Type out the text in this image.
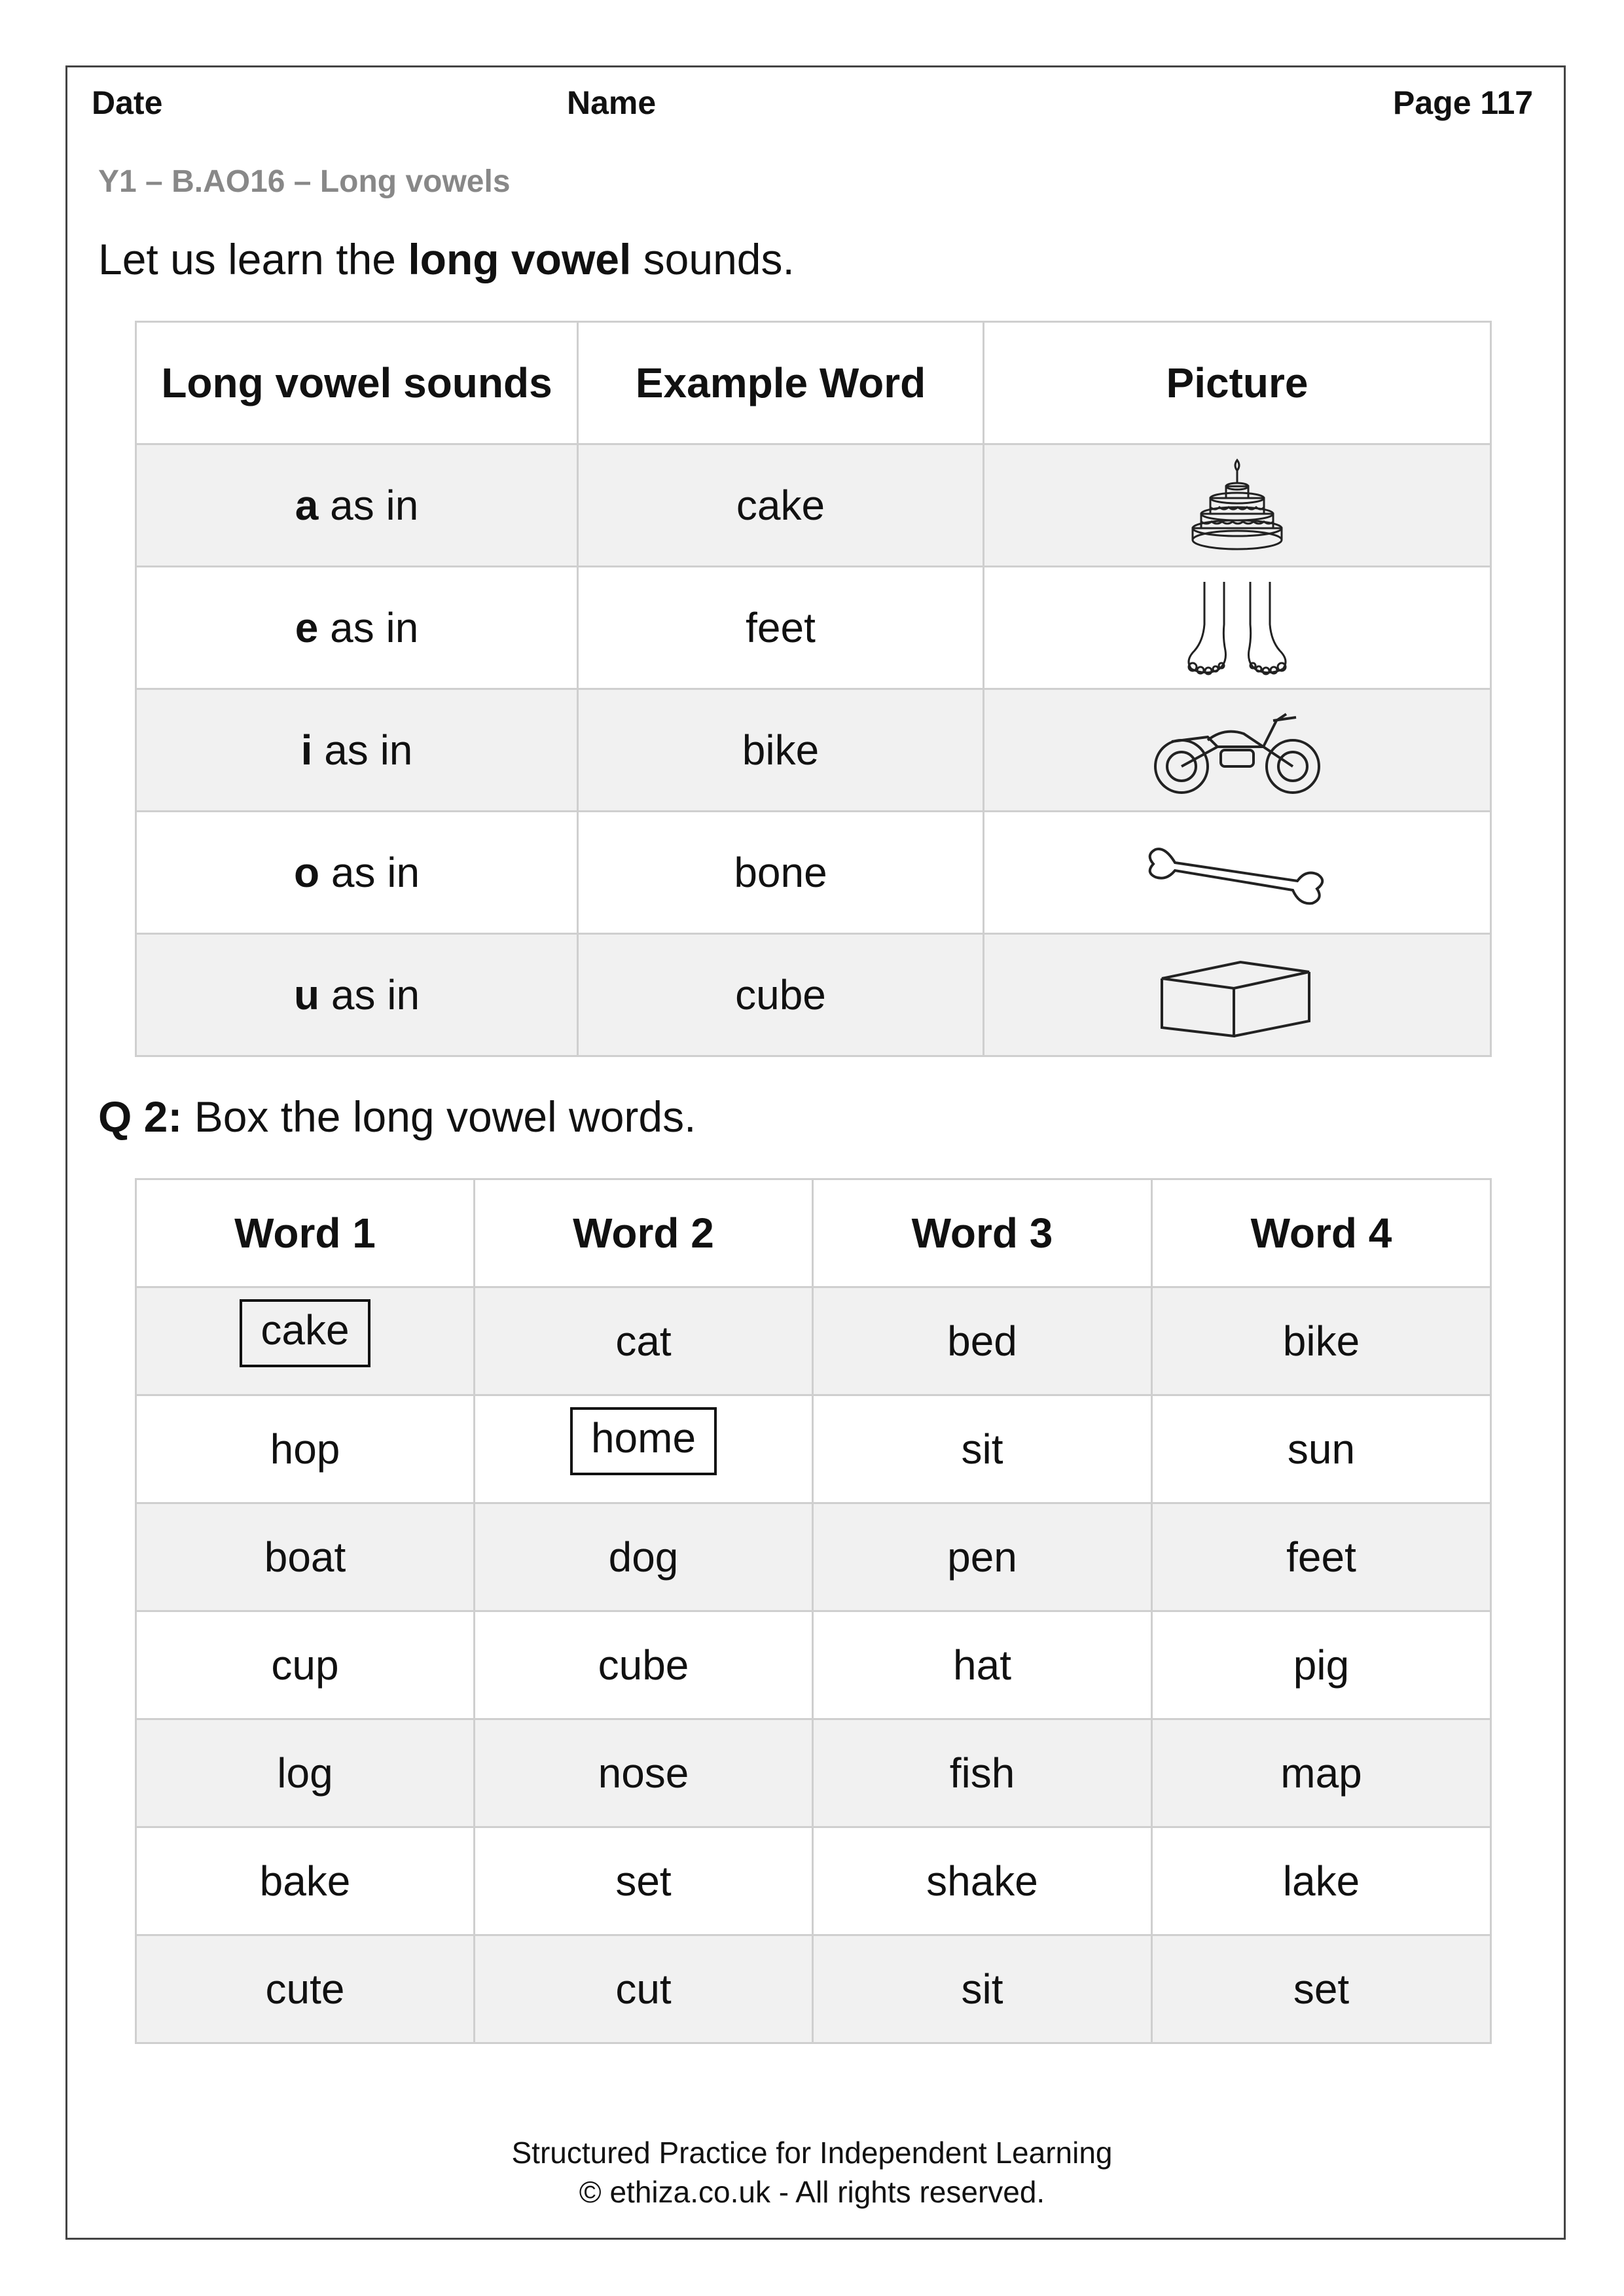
Date	Name	Page 117
Y1 – B.AO16 – Long vowels
Let us learn the long vowel sounds.
Long vowel sounds	Example Word	Picture
a as in	cake	

e as in	feet	

i as in	bike	

o as in	bone	

u as in	cube	
Q 2: Box the long vowel words.
Word 1	Word 2	Word 3	Word 4
cake	cat	bed	bike
hop	home	sit	sun
boat	dog	pen	feet
cup	cube	hat	pig
log	nose	fish	map
bake	set	shake	lake
cute	cut	sit	set
Structured Practice for Independent Learning
© ethiza.co.uk - All rights reserved.
